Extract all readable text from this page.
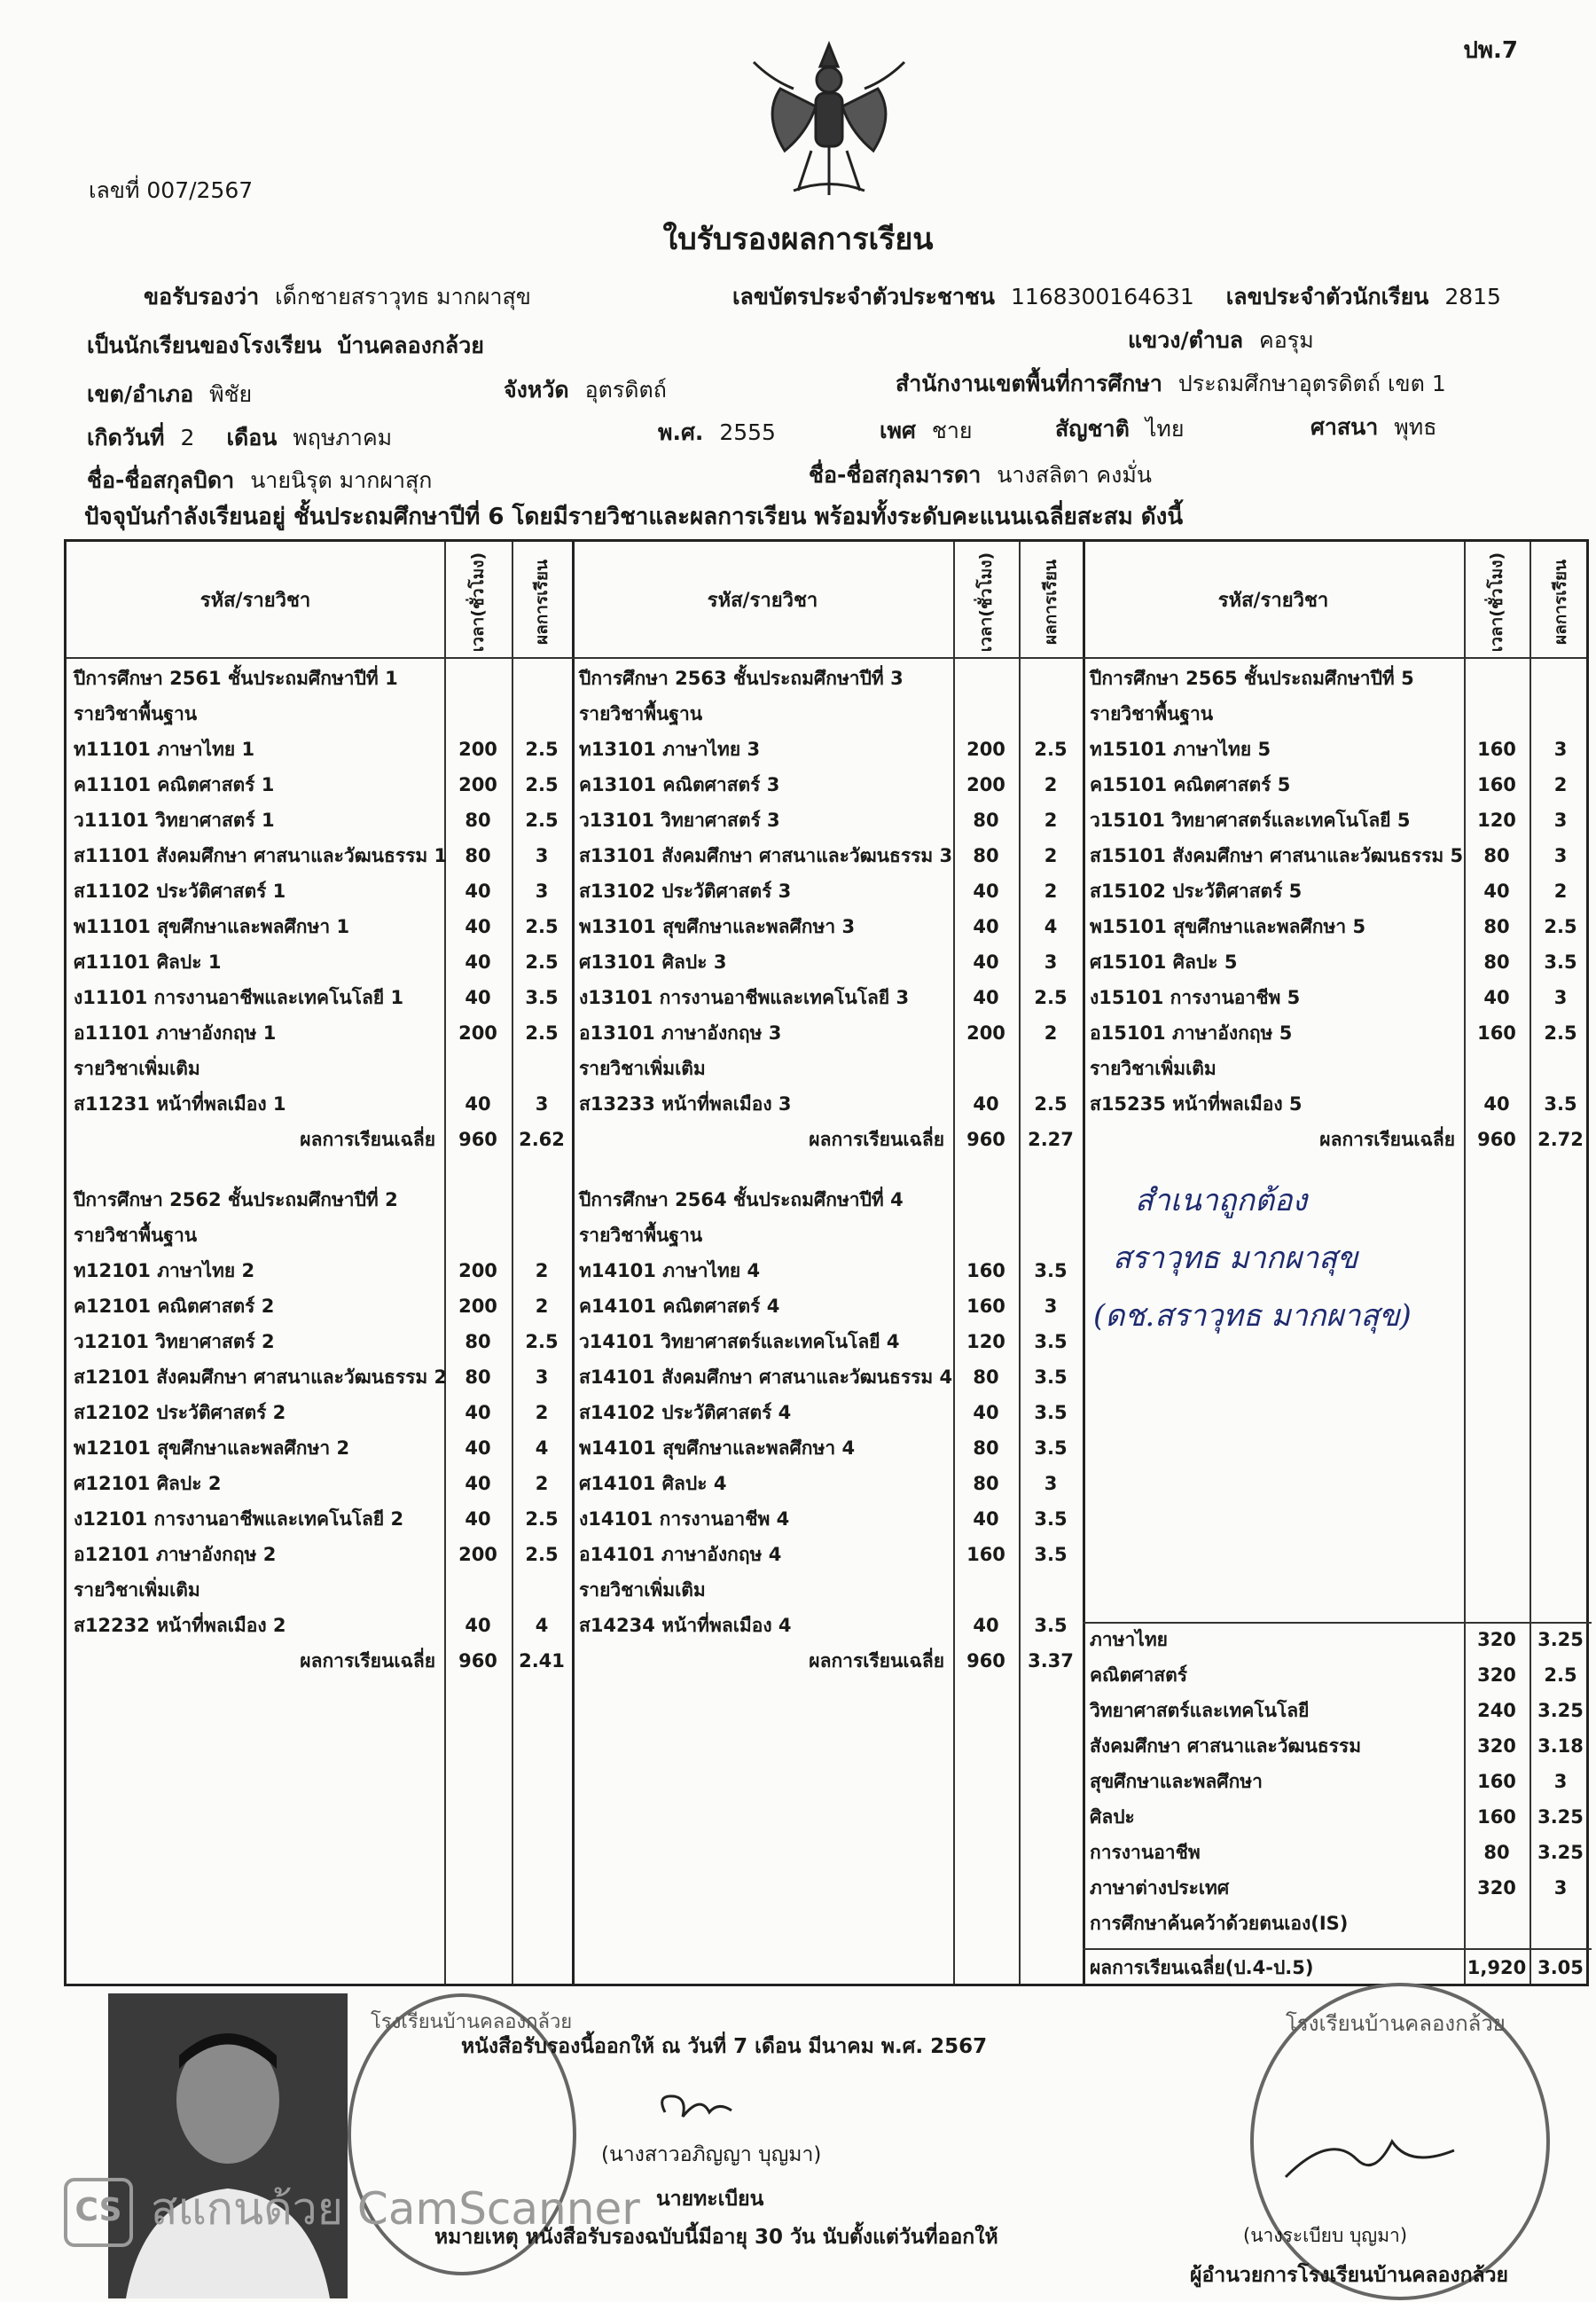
ปพ.7
เลขที่ 007/2567
ใบรับรองผลการเรียน
ขอรับรองว่า เด็กชายสราวุทธ มากผาสุข	เลขบัตรประจำตัวประชาชน 1168300164631 เลขประจำตัวนักเรียน 2815
เป็นนักเรียนของโรงเรียน บ้านคลองกล้วย	แขวง/ตำบล คอรุม
เขต/อำเภอ พิชัย	จังหวัด อุตรดิตถ์	สำนักงานเขตพื้นที่การศึกษา ประถมศึกษาอุตรดิตถ์ เขต 1
เกิดวันที่ 2 เดือน พฤษภาคม	พ.ศ. 2555	เพศ ชาย	สัญชาติ ไทย	ศาสนา พุทธ
ชื่อ-ชื่อสกุลบิดา นายนิรุต มากผาสุก	ชื่อ-ชื่อสกุลมารดา นางสลิตา คงมั่น
ปัจจุบันกำลังเรียนอยู่ ชั้นประถมศึกษาปีที่ 6 โดยมีรายวิชาและผลการเรียน พร้อมทั้งระดับคะแนนเฉลี่ยสะสม ดังนี้
รหัส/รายวิชา	เวลา(ชั่วโมง)	ผลการเรียน	รหัส/รายวิชา	เวลา(ชั่วโมง)	ผลการเรียน	รหัส/รายวิชา	เวลา(ชั่วโมง)	ผลการเรียน
ปีการศึกษา 2561 ชั้นประถมศึกษาปีที่ 1
รายวิชาพื้นฐาน
ท11101 ภาษาไทย 1	200	2.5
ค11101 คณิตศาสตร์ 1	200	2.5
ว11101 วิทยาศาสตร์ 1	80	2.5
ส11101 สังคมศึกษา ศาสนาและวัฒนธรรม 1 80	3
ส11102 ประวัติศาสตร์ 1	40	3
พ11101 สุขศึกษาและพลศึกษา 1	40	2.5
ศ11101 ศิลปะ 1	40	2.5
ง11101 การงานอาชีพและเทคโนโลยี 1	40	3.5
อ11101 ภาษาอังกฤษ 1	200	2.5
รายวิชาเพิ่มเติม
ส11231 หน้าที่พลเมือง 1	40	3
ผลการเรียนเฉลี่ย	960	2.62
ปีการศึกษา 2562 ชั้นประถมศึกษาปีที่ 2
รายวิชาพื้นฐาน
ท12101 ภาษาไทย 2	200	2
ค12101 คณิตศาสตร์ 2	200	2
ว12101 วิทยาศาสตร์ 2	80	2.5
ส12101 สังคมศึกษา ศาสนาและวัฒนธรรม 2 80	3
ส12102 ประวัติศาสตร์ 2	40	2
พ12101 สุขศึกษาและพลศึกษา 2	40	4
ศ12101 ศิลปะ 2	40	2
ง12101 การงานอาชีพและเทคโนโลยี 2	40	2.5
อ12101 ภาษาอังกฤษ 2	200	2.5
รายวิชาเพิ่มเติม
ส12232 หน้าที่พลเมือง 2	40	4
ผลการเรียนเฉลี่ย	960	2.41
ปีการศึกษา 2563 ชั้นประถมศึกษาปีที่ 3
รายวิชาพื้นฐาน
ท13101 ภาษาไทย 3	200	2.5
ค13101 คณิตศาสตร์ 3	200	2
ว13101 วิทยาศาสตร์ 3	80	2
ส13101 สังคมศึกษา ศาสนาและวัฒนธรรม 3	80	2
ส13102 ประวัติศาสตร์ 3	40	2
พ13101 สุขศึกษาและพลศึกษา 3	40	4
ศ13101 ศิลปะ 3	40	3
ง13101 การงานอาชีพและเทคโนโลยี 3	40	2.5
อ13101 ภาษาอังกฤษ 3	200	2
รายวิชาเพิ่มเติม
ส13233 หน้าที่พลเมือง 3	40	2.5
ผลการเรียนเฉลี่ย	960	2.27
ปีการศึกษา 2564 ชั้นประถมศึกษาปีที่ 4
รายวิชาพื้นฐาน
ท14101 ภาษาไทย 4	160	3.5
ค14101 คณิตศาสตร์ 4	160	3
ว14101 วิทยาศาสตร์และเทคโนโลยี 4	120	3.5
ส14101 สังคมศึกษา ศาสนาและวัฒนธรรม 4	80	3.5
ส14102 ประวัติศาสตร์ 4	40	3.5
พ14101 สุขศึกษาและพลศึกษา 4	80	3.5
ศ14101 ศิลปะ 4	80	3
ง14101 การงานอาชีพ 4	40	3.5
อ14101 ภาษาอังกฤษ 4	160	3.5
รายวิชาเพิ่มเติม
ส14234 หน้าที่พลเมือง 4	40	3.5
ผลการเรียนเฉลี่ย	960	3.37
ปีการศึกษา 2565 ชั้นประถมศึกษาปีที่ 5
รายวิชาพื้นฐาน
ท15101 ภาษาไทย 5	160	3
ค15101 คณิตศาสตร์ 5	160	2
ว15101 วิทยาศาสตร์และเทคโนโลยี 5	120	3
ส15101 สังคมศึกษา ศาสนาและวัฒนธรรม 5	80	3
ส15102 ประวัติศาสตร์ 5	40	2
พ15101 สุขศึกษาและพลศึกษา 5	80	2.5
ศ15101 ศิลปะ 5	80	3.5
ง15101 การงานอาชีพ 5	40	3
อ15101 ภาษาอังกฤษ 5	160	2.5
รายวิชาเพิ่มเติม
ส15235 หน้าที่พลเมือง 5	40	3.5
ผลการเรียนเฉลี่ย	960	2.72
สำเนาถูกต้อง
สราวุทธ มากผาสุข
(ดช.สราวุทธ มากผาสุข)
ภาษาไทย	320	3.25
คณิตศาสตร์	320	2.5
วิทยาศาสตร์และเทคโนโลยี	240	3.25
สังคมศึกษา ศาสนาและวัฒนธรรม	320	3.18
สุขศึกษาและพลศึกษา	160	3
ศิลปะ	160	3.25
การงานอาชีพ	80	3.25
ภาษาต่างประเทศ	320	3
การศึกษาค้นคว้าด้วยตนเอง(IS)
ผลการเรียนเฉลี่ย(ป.4-ป.5)	1,920 3.05
โรงเรียนบ้านคลองกล้วย	โรงเรียนบ้านคลองกล้วย
หนังสือรับรองนี้ออกให้ ณ วันที่ 7 เดือน มีนาคม พ.ศ. 2567
(นางสาวอภิญญา บุญมา)
นายทะเบียน
หมายเหตุ หนังสือรับรองฉบับนี้มีอายุ 30 วัน นับตั้งแต่วันที่ออกให้	(นางระเบียบ บุญมา)
ผู้อำนวยการโรงเรียนบ้านคลองกล้วย
CS สแกนด้วย CamScanner
